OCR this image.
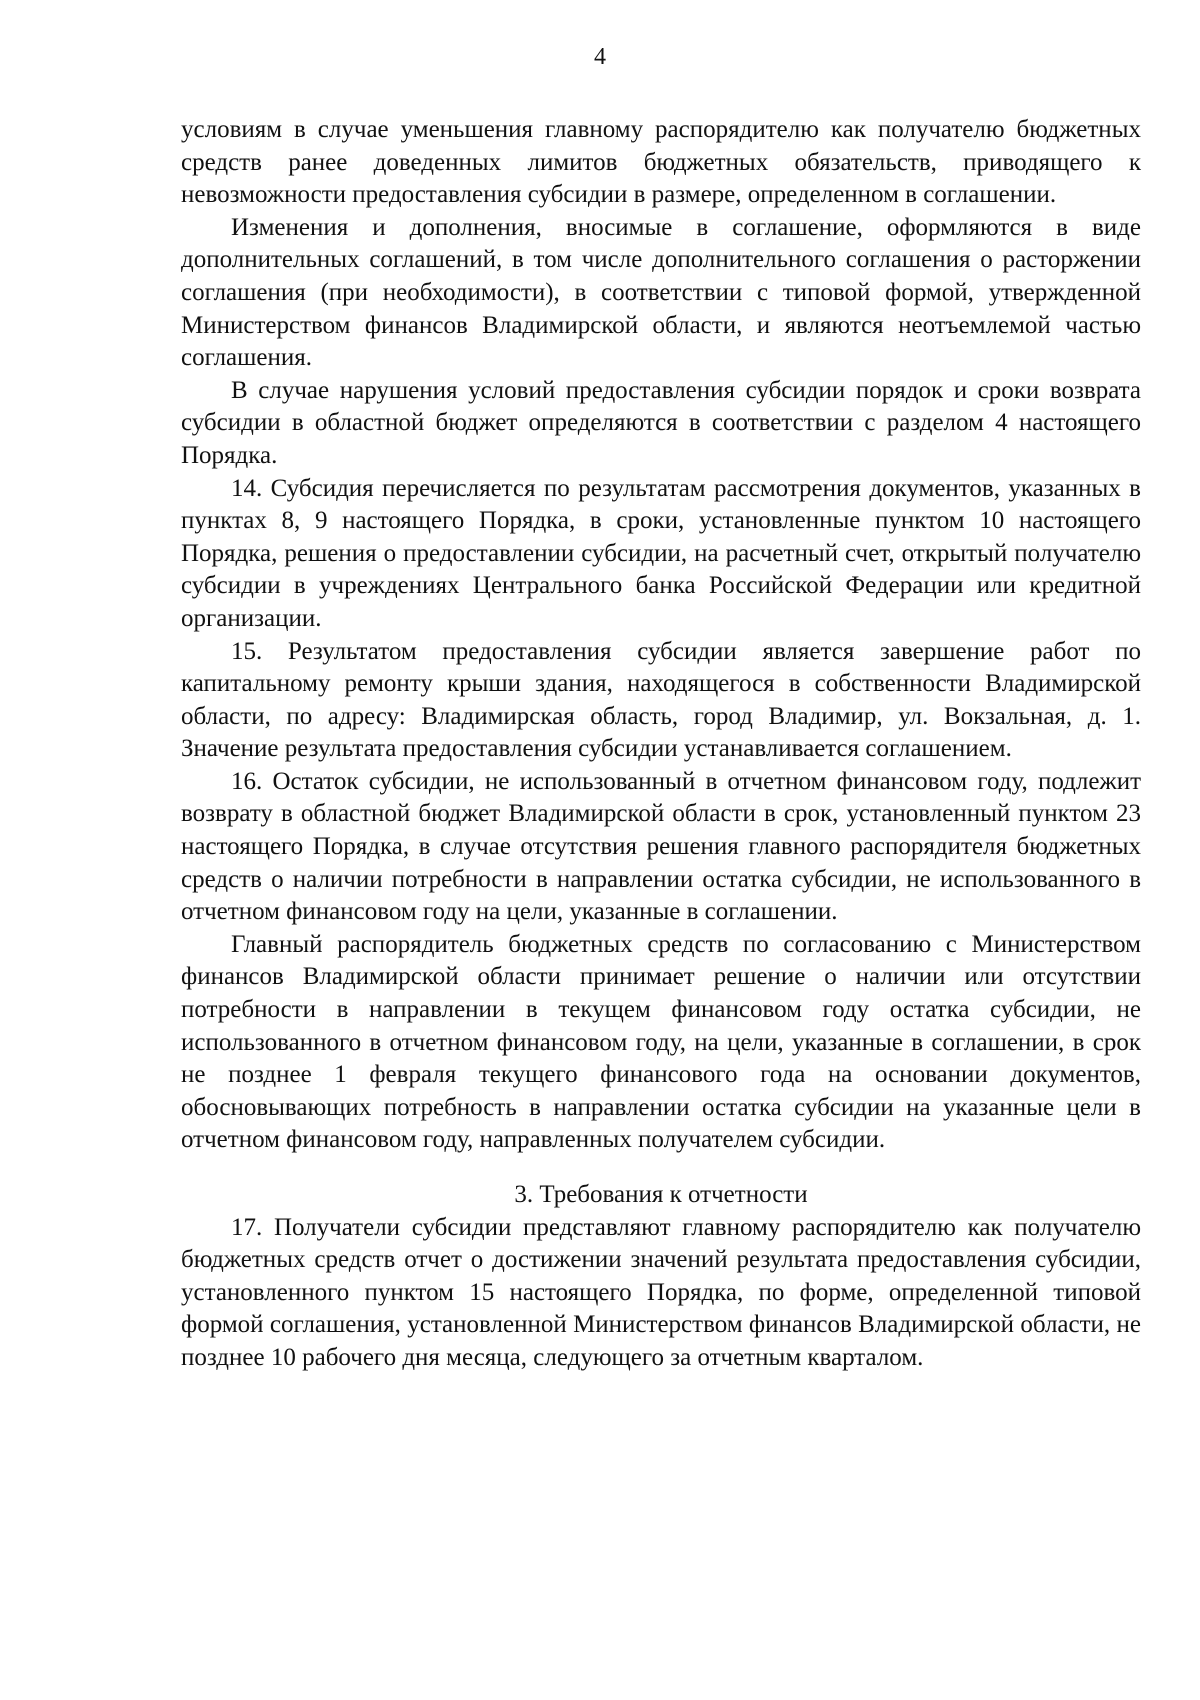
4

условиям в случае уменьшения главному распорядителю как получателю бюджетных средств ранее доведенных лимитов бюджетных обязательств, приводящего к невозможности предоставления субсидии в размере, определенном в соглашении.

Изменения и дополнения, вносимые в соглашение, оформляются в виде дополнительных соглашений, в том числе дополнительного соглашения о расторжении соглашения (при необходимости), в соответствии с типовой формой, утвержденной Министерством финансов Владимирской области, и являются неотъемлемой частью соглашения.

В случае нарушения условий предоставления субсидии порядок и сроки возврата субсидии в областной бюджет определяются в соответствии с разделом 4 настоящего Порядка.

14. Субсидия перечисляется по результатам рассмотрения документов, указанных в пунктах 8, 9 настоящего Порядка, в сроки, установленные пунктом 10 настоящего Порядка, решения о предоставлении субсидии, на расчетный счет, открытый получателю субсидии в учреждениях Центрального банка Российской Федерации или кредитной организации.

15. Результатом предоставления субсидии является завершение работ по капитальному ремонту крыши здания, находящегося в собственности Владимирской области, по адресу: Владимирская область, город Владимир, ул. Вокзальная, д. 1. Значение результата предоставления субсидии устанавливается соглашением.

16. Остаток субсидии, не использованный в отчетном финансовом году, подлежит возврату в областной бюджет Владимирской области в срок, установленный пунктом 23 настоящего Порядка, в случае отсутствия решения главного распорядителя бюджетных средств о наличии потребности в направлении остатка субсидии, не использованного в отчетном финансовом году на цели, указанные в соглашении.

Главный распорядитель бюджетных средств по согласованию с Министерством финансов Владимирской области принимает решение о наличии или отсутствии потребности в направлении в текущем финансовом году остатка субсидии, не использованного в отчетном финансовом году, на цели, указанные в соглашении, в срок не позднее 1 февраля текущего финансового года на основании документов, обосновывающих потребность в направлении остатка субсидии на указанные цели в отчетном финансовом году, направленных получателем субсидии.

3. Требования к отчетности

17. Получатели субсидии представляют главному распорядителю как получателю бюджетных средств отчет о достижении значений результата предоставления субсидии, установленного пунктом 15 настоящего Порядка, по форме, определенной типовой формой соглашения, установленной Министерством финансов Владимирской области, не позднее 10 рабочего дня месяца, следующего за отчетным кварталом.
